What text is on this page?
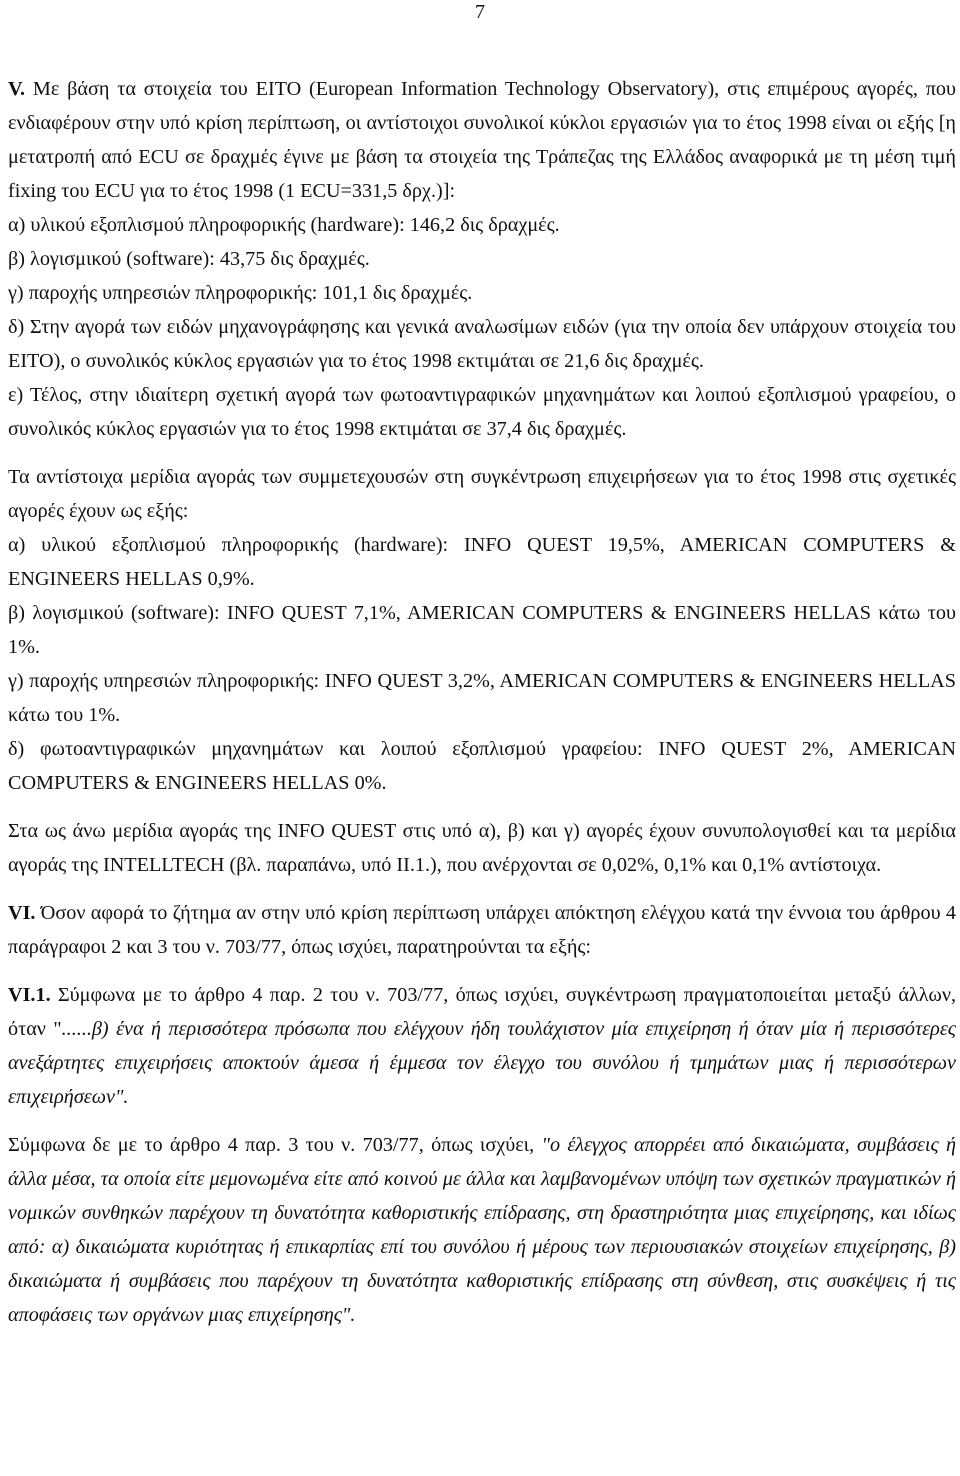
7

V. Με βάση τα στοιχεία του ΕΙΤΟ (European Information Technology Observatory), στις επιμέρους αγορές, που ενδιαφέρουν στην υπό κρίση περίπτωση, οι αντίστοιχοι συνολικοί κύκλοι εργασιών για το έτος 1998 είναι οι εξής [η μετατροπή από ECU σε δραχμές έγινε με βάση τα στοιχεία της Τράπεζας της Ελλάδος αναφορικά με τη μέση τιμή fixing του ECU για το έτος 1998 (1 ECU=331,5 δρχ.)]:

α) υλικού εξοπλισμού πληροφορικής (hardware): 146,2 δις δραχμές.

β) λογισμικού (software): 43,75 δις δραχμές.

γ) παροχής υπηρεσιών πληροφορικής: 101,1 δις δραχμές.

δ) Στην αγορά των ειδών μηχανογράφησης και γενικά αναλωσίμων ειδών (για την οποία δεν υπάρχουν στοιχεία του ΕΙΤΟ), ο συνολικός κύκλος εργασιών για το έτος 1998 εκτιμάται σε 21,6 δις δραχμές.

ε) Τέλος, στην ιδιαίτερη σχετική αγορά των φωτοαντιγραφικών μηχανημάτων και λοιπού εξοπλισμού γραφείου, ο συνολικός κύκλος εργασιών για το έτος 1998 εκτιμάται σε 37,4 δις δραχμές.

Τα αντίστοιχα μερίδια αγοράς των συμμετεχουσών στη συγκέντρωση επιχειρήσεων για το έτος 1998 στις σχετικές αγορές έχουν ως εξής:

α) υλικού εξοπλισμού πληροφορικής (hardware): INFO QUEST 19,5%, AMERICAN COMPUTERS & ENGINEERS HELLAS 0,9%.

β) λογισμικού (software): INFO QUEST 7,1%, AMERICAN COMPUTERS & ENGINEERS HELLAS κάτω του 1%.

γ) παροχής υπηρεσιών πληροφορικής: INFO QUEST 3,2%, AMERICAN COMPUTERS & ENGINEERS HELLAS κάτω του 1%.

δ) φωτοαντιγραφικών μηχανημάτων και λοιπού εξοπλισμού γραφείου: INFO QUEST 2%, AMERICAN COMPUTERS & ENGINEERS HELLAS 0%.

Στα ως άνω μερίδια αγοράς της INFO QUEST στις υπό α), β) και γ) αγορές έχουν συνυπολογισθεί και τα μερίδια αγοράς της INTELLTECH (βλ. παραπάνω, υπό ΙΙ.1.), που ανέρχονται σε 0,02%, 0,1% και 0,1% αντίστοιχα.

VI. Όσον αφορά το ζήτημα αν στην υπό κρίση περίπτωση υπάρχει απόκτηση ελέγχου κατά την έννοια του άρθρου 4 παράγραφοι 2 και 3 του ν. 703/77, όπως ισχύει, παρατηρούνται τα εξής:

VI.1. Σύμφωνα με το άρθρο 4 παρ. 2 του ν. 703/77, όπως ισχύει, συγκέντρωση πραγματοποιείται μεταξύ άλλων, όταν "......β) ένα ή περισσότερα πρόσωπα που ελέγχουν ήδη τουλάχιστον μία επιχείρηση ή όταν μία ή περισσότερες ανεξάρτητες επιχειρήσεις αποκτούν άμεσα ή έμμεσα τον έλεγχο του συνόλου ή τμημάτων μιας ή περισσότερων επιχειρήσεων".

Σύμφωνα δε με το άρθρο 4 παρ. 3 του ν. 703/77, όπως ισχύει, "ο έλεγχος απορρέει από δικαιώματα, συμβάσεις ή άλλα μέσα, τα οποία είτε μεμονωμένα είτε από κοινού με άλλα και λαμβανομένων υπόψη των σχετικών πραγματικών ή νομικών συνθηκών παρέχουν τη δυνατότητα καθοριστικής επίδρασης, στη δραστηριότητα μιας επιχείρησης, και ιδίως από: α) δικαιώματα κυριότητας ή επικαρπίας επί του συνόλου ή μέρους των περιουσιακών στοιχείων επιχείρησης, β) δικαιώματα ή συμβάσεις που παρέχουν τη δυνατότητα καθοριστικής επίδρασης στη σύνθεση, στις συσκέψεις ή τις αποφάσεις των οργάνων μιας επιχείρησης".
